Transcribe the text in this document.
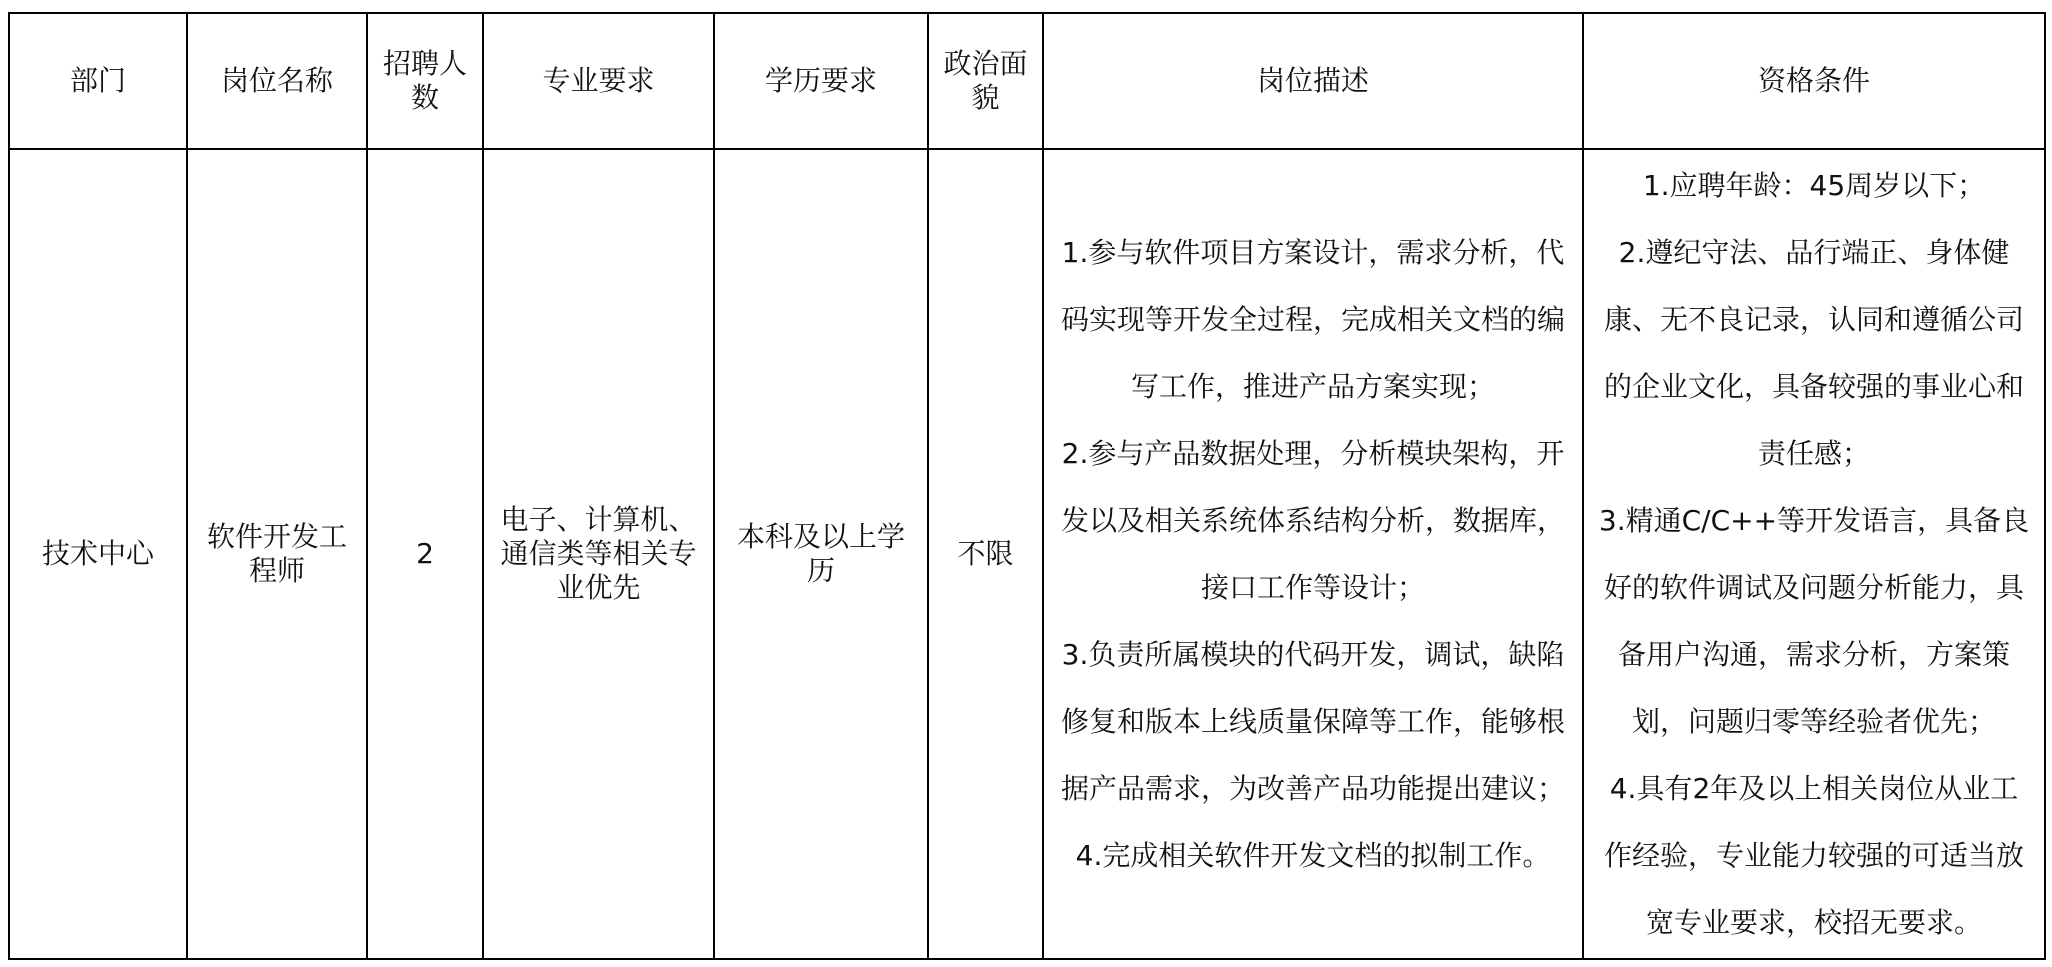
部门	岗位名称	招聘人数	专业要求	学历要求	政治面貌	岗位描述	资格条件
技术中心	软件开发工程师	2	电子、计算机、通信类等相关专业优先	本科及以上学历	不限	1.参与软件项目方案设计，需求分析，代码实现等开发全过程，完成相关文档的编写工作，推进产品方案实现；
2.参与产品数据处理，分析模块架构，开发以及相关系统体系结构分析，数据库，接口工作等设计；
3.负责所属模块的代码开发，调试，缺陷修复和版本上线质量保障等工作，能够根据产品需求，为改善产品功能提出建议；
4.完成相关软件开发文档的拟制工作。	1.应聘年龄：45周岁以下；
2.遵纪守法、品行端正、身体健康、无不良记录，认同和遵循公司的企业文化，具备较强的事业心和责任感；
3.精通C/C++等开发语言，具备良好的软件调试及问题分析能力，具备用户沟通，需求分析，方案策划，问题归零等经验者优先；
4.具有2年及以上相关岗位从业工作经验，专业能力较强的可适当放宽专业要求，校招无要求。
